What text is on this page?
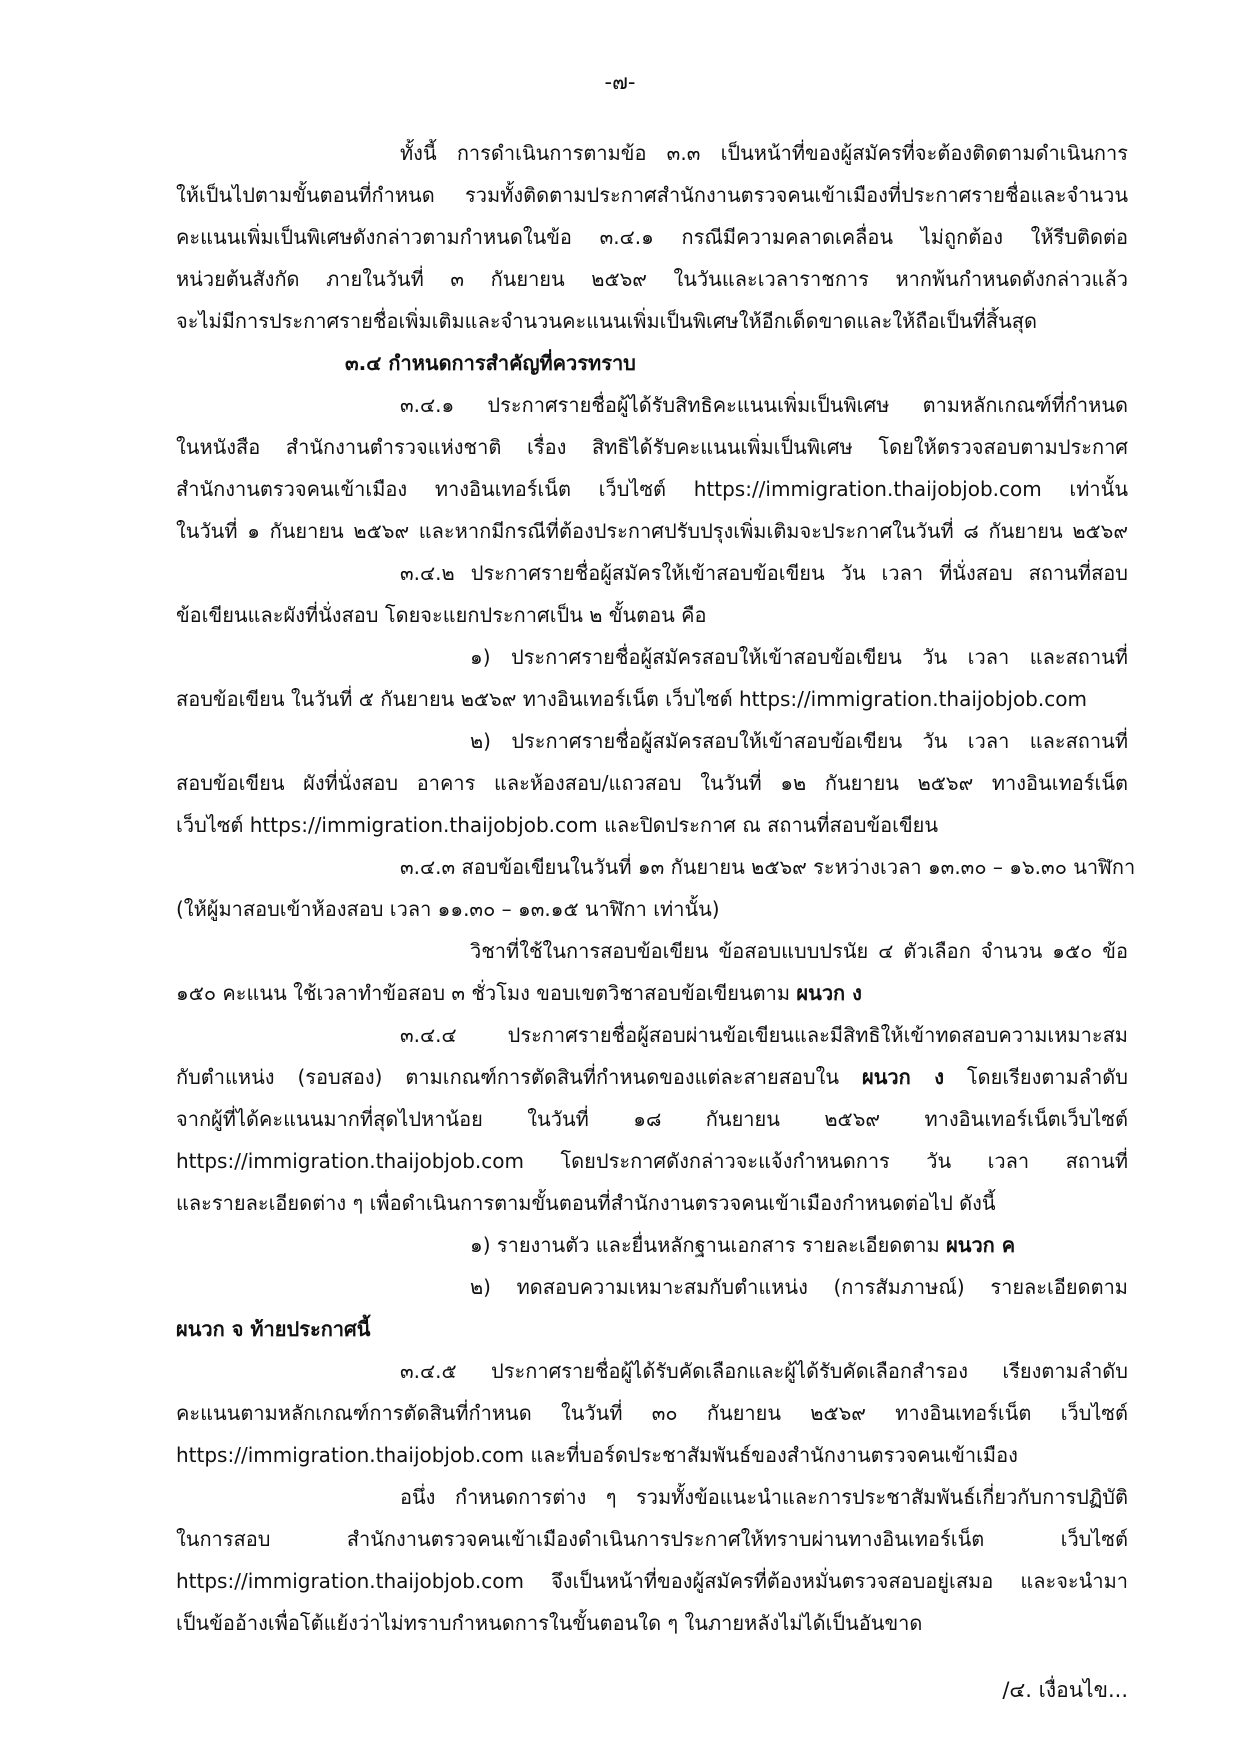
-๗-
ทั้งนี้ การดำเนินการตามข้อ ๓.๓ เป็นหน้าที่ของผู้สมัครที่จะต้องติดตามดำเนินการ
ให้เป็นไปตามขั้นตอนที่กำหนด รวมทั้งติดตามประกาศสำนักงานตรวจคนเข้าเมืองที่ประกาศรายชื่อและจำนวน
คะแนนเพิ่มเป็นพิเศษดังกล่าวตามกำหนดในข้อ ๓.๔.๑ กรณีมีความคลาดเคลื่อน ไม่ถูกต้อง ให้รีบติดต่อ
หน่วยต้นสังกัด ภายในวันที่ ๓ กันยายน ๒๕๖๙ ในวันและเวลาราชการ หากพ้นกำหนดดังกล่าวแล้ว
จะไม่มีการประกาศรายชื่อเพิ่มเติมและจำนวนคะแนนเพิ่มเป็นพิเศษให้อีกเด็ดขาดและให้ถือเป็นที่สิ้นสุด
๓.๔ กำหนดการสำคัญที่ควรทราบ
๓.๔.๑ ประกาศรายชื่อผู้ได้รับสิทธิคะแนนเพิ่มเป็นพิเศษ ตามหลักเกณฑ์ที่กำหนด
ในหนังสือ สำนักงานตำรวจแห่งชาติ เรื่อง สิทธิได้รับคะแนนเพิ่มเป็นพิเศษ โดยให้ตรวจสอบตามประกาศ
สำนักงานตรวจคนเข้าเมือง ทางอินเทอร์เน็ต เว็บไซต์ https://immigration.thaijobjob.com เท่านั้น
ในวันที่ ๑ กันยายน ๒๕๖๙ และหากมีกรณีที่ต้องประกาศปรับปรุงเพิ่มเติมจะประกาศในวันที่ ๘ กันยายน ๒๕๖๙
๓.๔.๒ ประกาศรายชื่อผู้สมัครให้เข้าสอบข้อเขียน วัน เวลา ที่นั่งสอบ สถานที่สอบ
ข้อเขียนและผังที่นั่งสอบ โดยจะแยกประกาศเป็น ๒ ขั้นตอน คือ
๑) ประกาศรายชื่อผู้สมัครสอบให้เข้าสอบข้อเขียน วัน เวลา และสถานที่
สอบข้อเขียน ในวันที่ ๕ กันยายน ๒๕๖๙ ทางอินเทอร์เน็ต เว็บไซต์ https://immigration.thaijobjob.com
๒) ประกาศรายชื่อผู้สมัครสอบให้เข้าสอบข้อเขียน วัน เวลา และสถานที่
สอบข้อเขียน ผังที่นั่งสอบ อาคาร และห้องสอบ/แถวสอบ ในวันที่ ๑๒ กันยายน ๒๕๖๙ ทางอินเทอร์เน็ต
เว็บไซต์ https://immigration.thaijobjob.com และปิดประกาศ ณ สถานที่สอบข้อเขียน
๓.๔.๓ สอบข้อเขียนในวันที่ ๑๓ กันยายน ๒๕๖๙ ระหว่างเวลา ๑๓.๓๐ – ๑๖.๓๐ นาฬิกา
(ให้ผู้มาสอบเข้าห้องสอบ เวลา ๑๑.๓๐ – ๑๓.๑๕ นาฬิกา เท่านั้น)
วิชาที่ใช้ในการสอบข้อเขียน ข้อสอบแบบปรนัย ๔ ตัวเลือก จำนวน ๑๕๐ ข้อ
๑๕๐ คะแนน ใช้เวลาทำข้อสอบ ๓ ชั่วโมง ขอบเขตวิชาสอบข้อเขียนตาม ผนวก ง
๓.๔.๔ ประกาศรายชื่อผู้สอบผ่านข้อเขียนและมีสิทธิให้เข้าทดสอบความเหมาะสม
กับตำแหน่ง (รอบสอง) ตามเกณฑ์การตัดสินที่กำหนดของแต่ละสายสอบใน ผนวก ง โดยเรียงตามลำดับ
จากผู้ที่ได้คะแนนมากที่สุดไปหาน้อย ในวันที่ ๑๘ กันยายน ๒๕๖๙ ทางอินเทอร์เน็ตเว็บไซต์
https://immigration.thaijobjob.com โดยประกาศดังกล่าวจะแจ้งกำหนดการ วัน เวลา สถานที่
และรายละเอียดต่าง ๆ เพื่อดำเนินการตามขั้นตอนที่สำนักงานตรวจคนเข้าเมืองกำหนดต่อไป ดังนี้
๑) รายงานตัว และยื่นหลักฐานเอกสาร รายละเอียดตาม ผนวก ค
๒) ทดสอบความเหมาะสมกับตำแหน่ง (การสัมภาษณ์) รายละเอียดตาม
ผนวก จ ท้ายประกาศนี้
๓.๔.๕ ประกาศรายชื่อผู้ได้รับคัดเลือกและผู้ได้รับคัดเลือกสำรอง เรียงตามลำดับ
คะแนนตามหลักเกณฑ์การตัดสินที่กำหนด ในวันที่ ๓๐ กันยายน ๒๕๖๙ ทางอินเทอร์เน็ต เว็บไซต์
https://immigration.thaijobjob.com และที่บอร์ดประชาสัมพันธ์ของสำนักงานตรวจคนเข้าเมือง
อนึ่ง กำหนดการต่าง ๆ รวมทั้งข้อแนะนำและการประชาสัมพันธ์เกี่ยวกับการปฏิบัติ
ในการสอบ สำนักงานตรวจคนเข้าเมืองดำเนินการประกาศให้ทราบผ่านทางอินเทอร์เน็ต เว็บไซต์
https://immigration.thaijobjob.com จึงเป็นหน้าที่ของผู้สมัครที่ต้องหมั่นตรวจสอบอยู่เสมอ และจะนำมา
เป็นข้ออ้างเพื่อโต้แย้งว่าไม่ทราบกำหนดการในขั้นตอนใด ๆ ในภายหลังไม่ได้เป็นอันขาด
/๔. เงื่อนไข...
